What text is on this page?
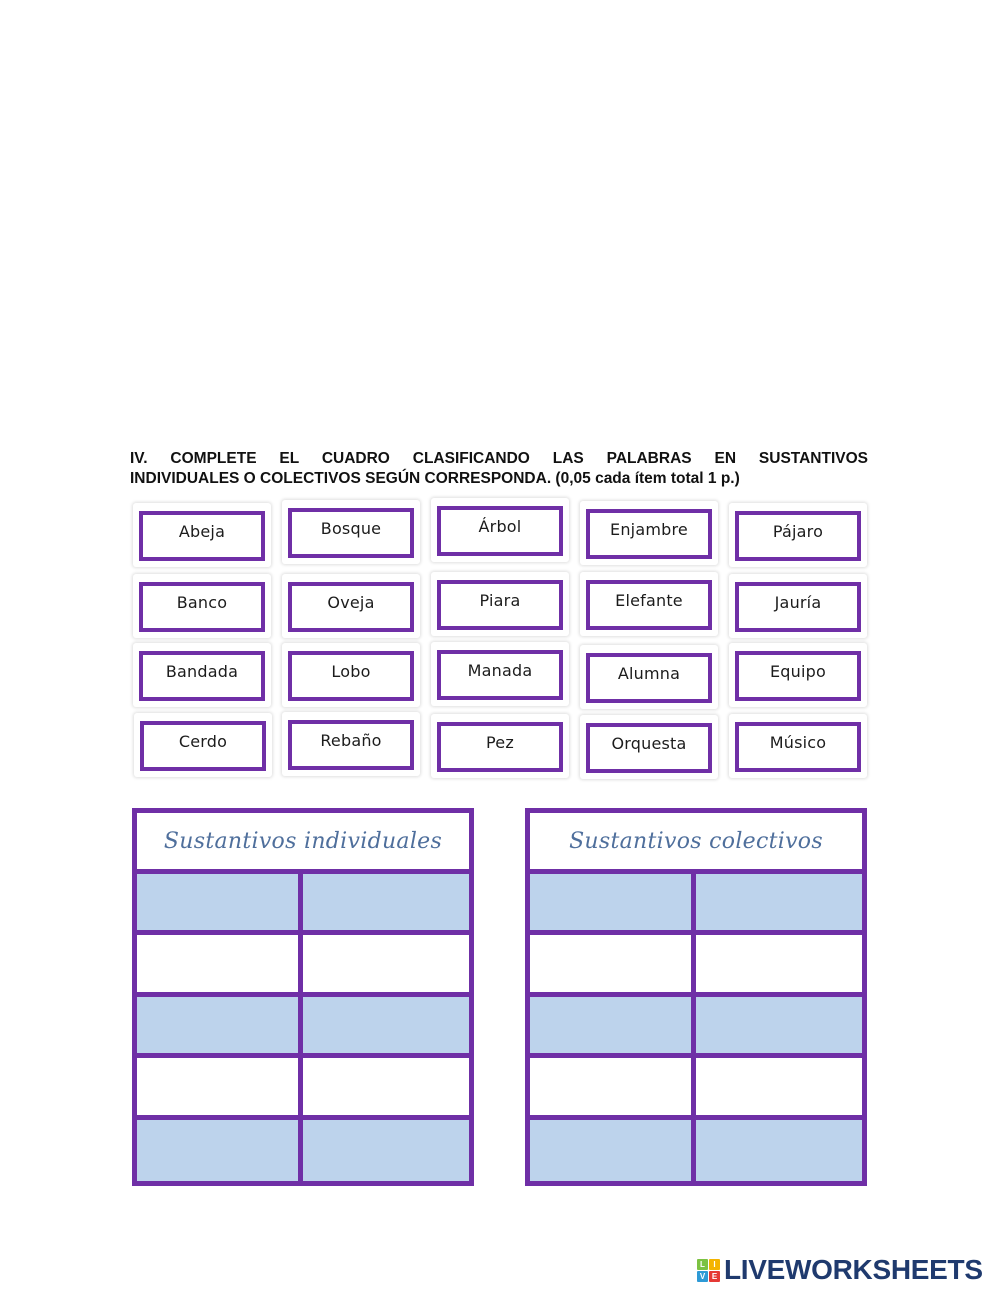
IV. COMPLETE EL CUADRO CLASIFICANDO LAS PALABRAS EN SUSTANTIVOS
INDIVIDUALES O COLECTIVOS SEGÚN CORRESPONDA. (0,05 cada ítem total 1 p.)
Abeja	Bosque	Árbol	Enjambre	Pájaro
Banco	Oveja	Piara	Elefante	Jauría
Bandada	Lobo	Manada	Alumna	Equipo
Cerdo	Rebaño	Pez	Orquesta	Músico
Sustantivos individuales	Sustantivos colectivos
L	I
V E LIVEWORKSHEETS
